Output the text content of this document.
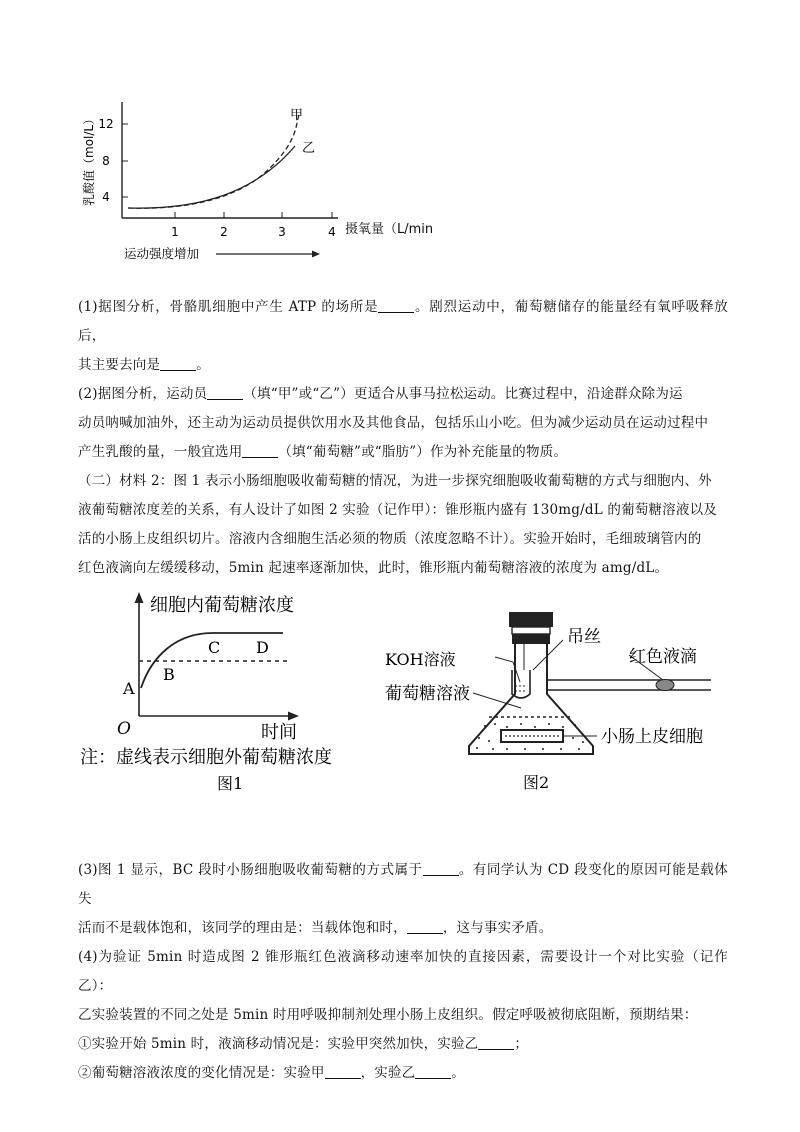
12
8
4
1	2	3	4
乳酸值（mol/L）	甲
乙
运动强度增加
摄氧量（L/min

(1)据图分析，骨骼肌细胞中产生 ATP 的场所是	。剧烈运动中，葡萄糖储存的能量经有氧呼吸释放后，

其主要去向是	。

(2)据图分析，运动员	（填“甲”或“乙”）更适合从事马拉松运动。比赛过程中，沿途群众除为运

动员呐喊加油外，还主动为运动员提供饮用水及其他食品，包括乐山小吃。但为减少运动员在运动过程中

产生乳酸的量，一般宜选用	（填“葡萄糖”或“脂肪”）作为补充能量的物质。

（二）材料 2：图 1 表示小肠细胞吸收葡萄糖的情况，为进一步探究细胞吸收葡萄糖的方式与细胞内、外

液葡萄糖浓度差的关系，有人设计了如图 2 实验（记作甲）：锥形瓶内盛有 130mg/dL 的葡萄糖溶液以及

活的小肠上皮组织切片。溶液内含细胞生活必须的物质（浓度忽略不计）。实验开始时，毛细玻璃管内的

红色液滴向左缓缓移动，5min 起速率逐渐加快，此时，锥形瓶内葡萄糖溶液的浓度为 amg/dL。

细胞内葡萄糖浓度
时间
O
A
B
C D
注：虚线表示细胞外葡萄糖浓度
图1
KOH溶液
吊丝
红色液滴
葡萄糖溶液
小肠上皮细胞
图2

(3)图 1 显示，BC 段时小肠细胞吸收葡萄糖的方式属于	。有同学认为 CD 段变化的原因可能是载体失

活而不是载体饱和，该同学的理由是：当载体饱和时，	，这与事实矛盾。

(4)为验证 5min 时造成图 2 锥形瓶红色液滴移动速率加快的直接因素，需要设计一个对比实验（记作乙）：

乙实验装置的不同之处是 5min 时用呼吸抑制剂处理小肠上皮组织。假定呼吸被彻底阻断，预期结果：

①实验开始 5min 时，液滴移动情况是：实验甲突然加快，实验乙	；

②葡萄糖溶液浓度的变化情况是：实验甲	，实验乙	。
